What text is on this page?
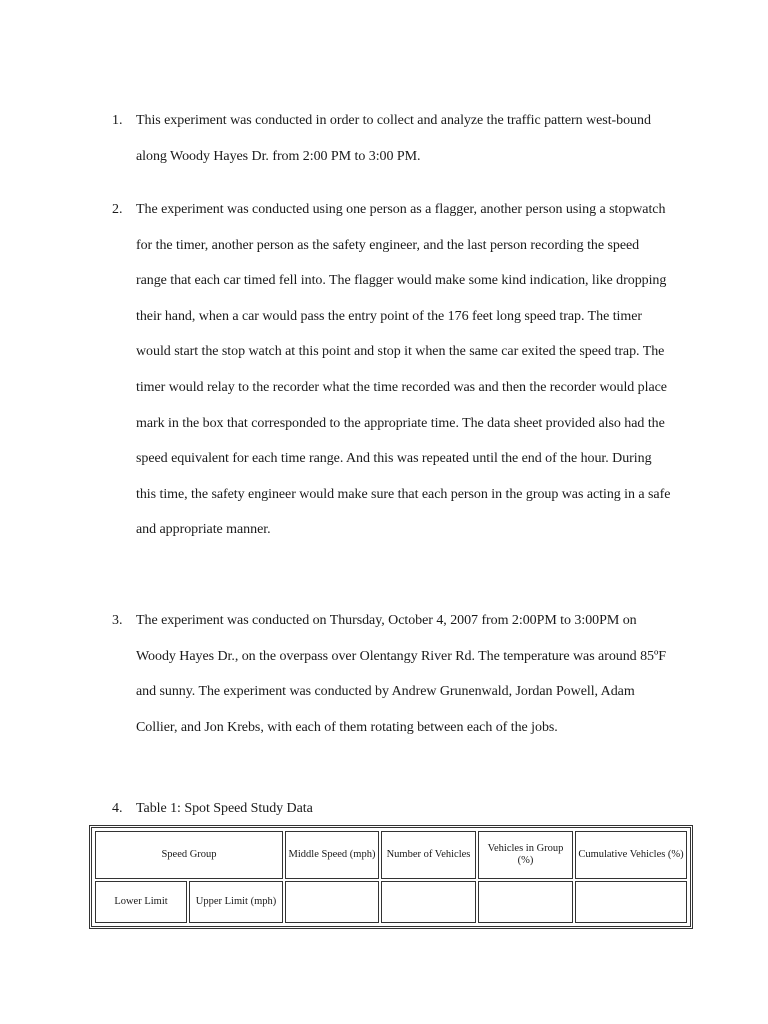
1. This experiment was conducted in order to collect and analyze the traffic pattern west-bound along Woody Hayes Dr. from 2:00 PM to 3:00 PM.
2. The experiment was conducted using one person as a flagger, another person using a stopwatch for the timer, another person as the safety engineer, and the last person recording the speed range that each car timed fell into. The flagger would make some kind indication, like dropping their hand, when a car would pass the entry point of the 176 feet long speed trap. The timer would start the stop watch at this point and stop it when the same car exited the speed trap. The timer would relay to the recorder what the time recorded was and then the recorder would place mark in the box that corresponded to the appropriate time. The data sheet provided also had the speed equivalent for each time range. And this was repeated until the end of the hour. During this time, the safety engineer would make sure that each person in the group was acting in a safe and appropriate manner.
3. The experiment was conducted on Thursday, October 4, 2007 from 2:00PM to 3:00PM on Woody Hayes Dr., on the overpass over Olentangy River Rd. The temperature was around 85ºF and sunny. The experiment was conducted by Andrew Grunenwald, Jordan Powell, Adam Collier, and Jon Krebs, with each of them rotating between each of the jobs.
4. Table 1: Spot Speed Study Data
Speed Group		Middle Speed (mph)	Number of Vehicles	Vehicles in Group (%)	Cumulative Vehicles (%)
Lower Limit	Upper Limit (mph)				
